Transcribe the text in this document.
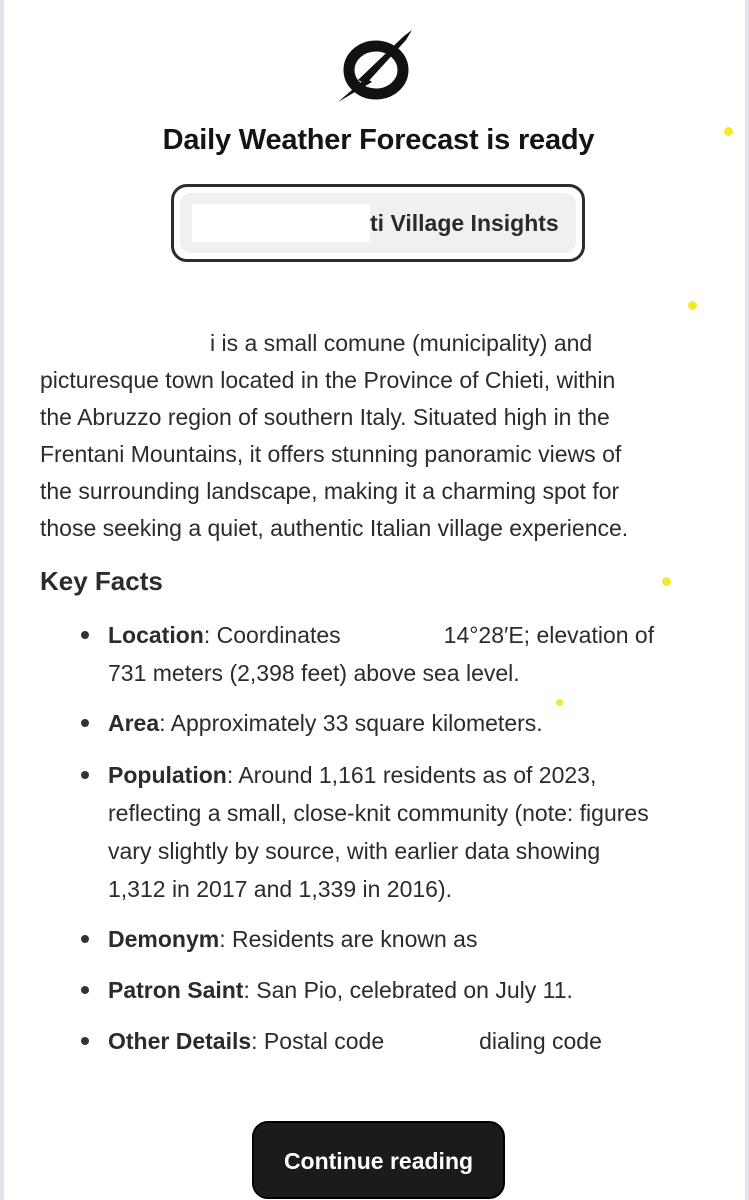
Daily Weather Forecast is ready
ti Village Insights
i is a small comune (municipality) and
picturesque town located in the Province of Chieti, within
the Abruzzo region of southern Italy. Situated high in the
Frentani Mountains, it offers stunning panoramic views of
the surrounding landscape, making it a charming spot for
those seeking a quiet, authentic Italian village experience.
Key Facts
Location: Coordinates	14°28′E; elevation of
731 meters (2,398 feet) above sea level.
Area: Approximately 33 square kilometers.
Population: Around 1,161 residents as of 2023,
reflecting a small, close-knit community (note: figures
vary slightly by source, with earlier data showing
1,312 in 2017 and 1,339 in 2016).
Demonym: Residents are known as
Patron Saint: San Pio, celebrated on July 11.
Other Details: Postal code	dialing code
Continue reading
